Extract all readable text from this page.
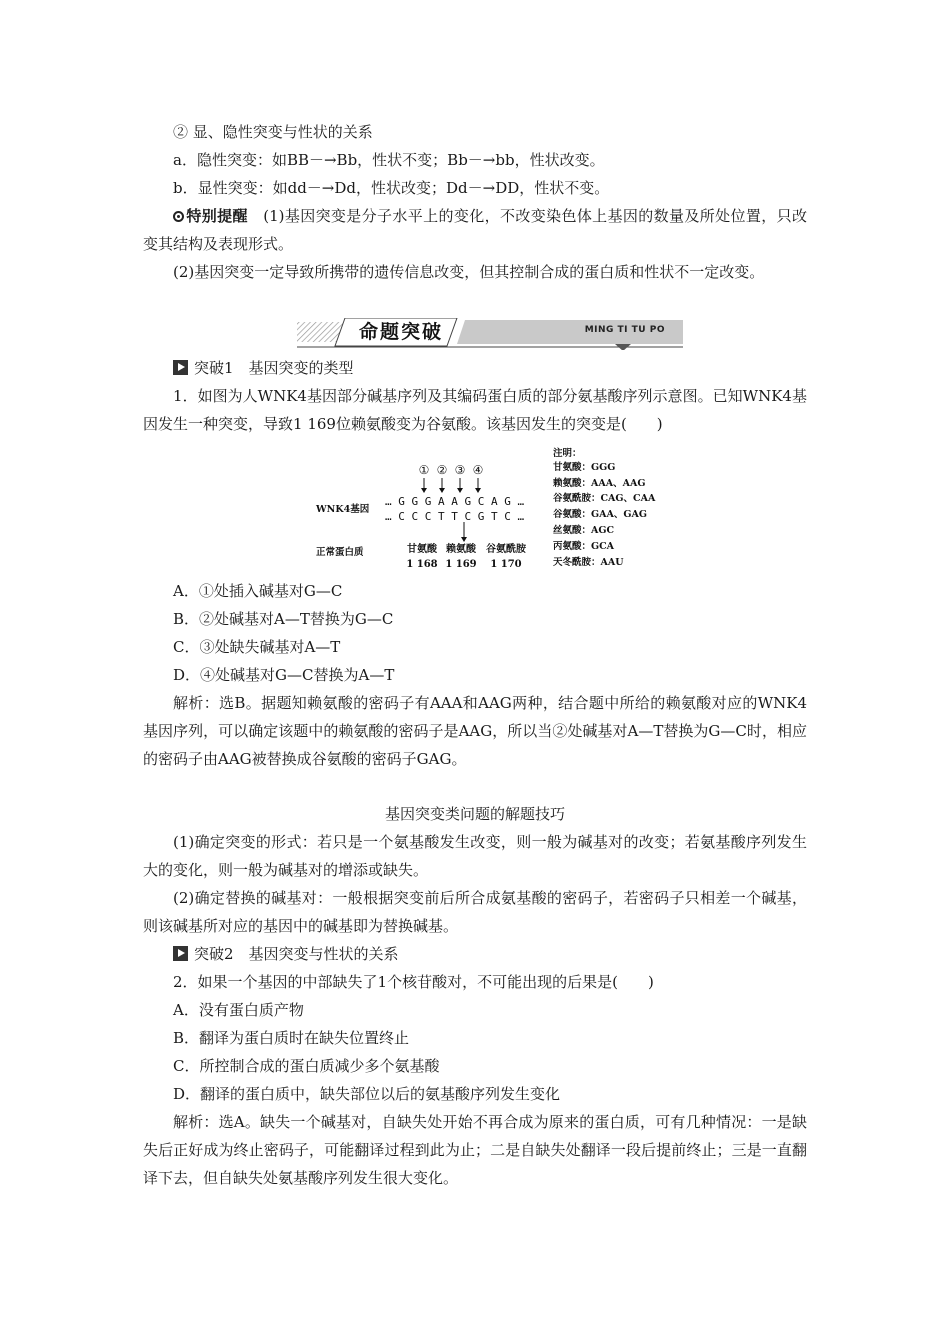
② 显、隐性突变与性状的关系

a．隐性突变：如BB－→Bb，性状不变；Bb－→bb，性状改变。

b．显性突变：如dd－→Dd，性状改变；Dd－→DD，性状不变。

特别提醒　 (1)基因突变是分子水平上的变化，不改变染色体上基因的数量及所处位置，只改变其结构及表现形式。

(2)基因突变一定导致所携带的遗传信息改变，但其控制合成的蛋白质和性状不一定改变。

命题突破	MING TI TU PO

突破1　基因突变的类型

1．如图为人WNK4基因部分碱基序列及其编码蛋白质的部分氨基酸序列示意图。已知WNK4基因发生一种突变，导致1 169位赖氨酸变为谷氨酸。该基因发生的突变是(　　)

① ② ③ ④
WNK4基因
… G G G A A G C A G …
… C C C T T C G T C …
正常蛋白质	甘氨酸 赖氨酸 谷氨酰胺
1 168 1 169 1 170
注明：
甘氨酸：GGG
赖氨酸：AAA、AAG
谷氨酰胺：CAG、CAA
谷氨酸：GAA、GAG
丝氨酸：AGC
丙氨酸：GCA
天冬酰胺：AAU

A．①处插入碱基对G—C

B．②处碱基对A—T替换为G—C

C．③处缺失碱基对A—T

D．④处碱基对G—C替换为A—T

解析：选B。据题知赖氨酸的密码子有AAA和AAG两种，结合题中所给的赖氨酸对应的WNK4基因序列，可以确定该题中的赖氨酸的密码子是AAG，所以当②处碱基对A—T替换为G—C时，相应的密码子由AAG被替换成谷氨酸的密码子GAG。

基因突变类问题的解题技巧

(1)确定突变的形式：若只是一个氨基酸发生改变，则一般为碱基对的改变；若氨基酸序列发生大的变化，则一般为碱基对的增添或缺失。

(2)确定替换的碱基对：一般根据突变前后所合成氨基酸的密码子，若密码子只相差一个碱基，则该碱基所对应的基因中的碱基即为替换碱基。

突破2　基因突变与性状的关系

2．如果一个基因的中部缺失了1个核苷酸对，不可能出现的后果是(　　)

A．没有蛋白质产物

B．翻译为蛋白质时在缺失位置终止

C．所控制合成的蛋白质减少多个氨基酸

D．翻译的蛋白质中，缺失部位以后的氨基酸序列发生变化

解析：选A。缺失一个碱基对，自缺失处开始不再合成为原来的蛋白质，可有几种情况：一是缺失后正好成为终止密码子，可能翻译过程到此为止；二是自缺失处翻译一段后提前终止；三是一直翻译下去，但自缺失处氨基酸序列发生很大变化。
